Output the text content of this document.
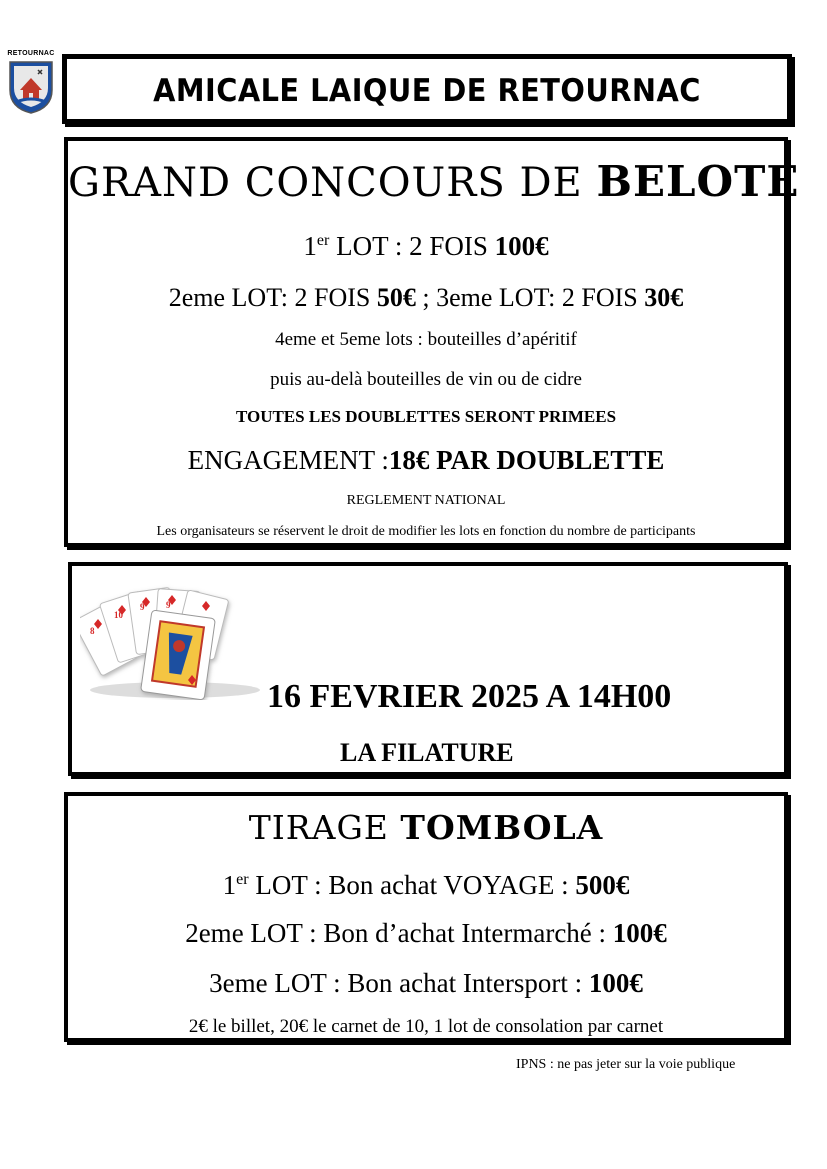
RETOURNAC
AMICALE LAIQUE DE RETOURNAC
GRAND CONCOURS DE BELOTE
1er LOT : 2 FOIS 100€
2eme LOT: 2 FOIS 50€ ; 3eme LOT: 2 FOIS 30€
4eme et 5eme lots : bouteilles d’apéritif
puis au-delà bouteilles de vin ou de cidre
TOUTES LES DOUBLETTES SERONT PRIMEES
ENGAGEMENT :18€ PAR DOUBLETTE
REGLEMENT NATIONAL
Les organisateurs se réservent le droit de modifier les lots en fonction du nombre de participants
8
10
9 9
16 FEVRIER 2025 A 14H00
LA FILATURE
TIRAGE TOMBOLA
1er LOT : Bon achat VOYAGE : 500€
2eme LOT : Bon d’achat Intermarché : 100€
3eme LOT : Bon achat Intersport : 100€
2€ le billet, 20€ le carnet de 10, 1 lot de consolation par carnet
IPNS : ne pas jeter sur la voie publique
